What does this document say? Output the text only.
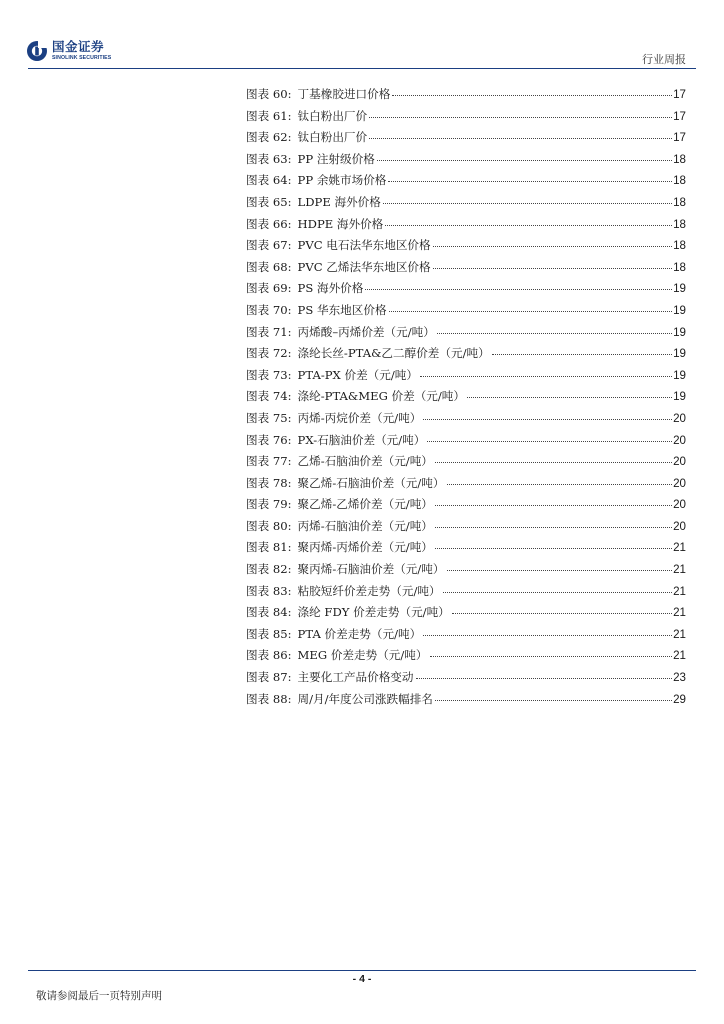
国金证券
SINOLINK SECURITIES	行业周报
图表 60: 丁基橡胶进口价格	17
图表 61: 钛白粉出厂价	17
图表 62: 钛白粉出厂价	17
图表 63: PP 注射级价格	18
图表 64: PP 余姚市场价格	18
图表 65: LDPE 海外价格	18
图表 66: HDPE 海外价格	18
图表 67: PVC 电石法华东地区价格	18
图表 68: PVC 乙烯法华东地区价格	18
图表 69: PS 海外价格	19
图表 70: PS 华东地区价格	19
图表 71: 丙烯酸–丙烯价差（元/吨）	19
图表 72: 涤纶长丝-PTA&乙二醇价差（元/吨）	19
图表 73: PTA-PX 价差（元/吨）	19
图表 74: 涤纶-PTA&MEG 价差（元/吨）	19
图表 75: 丙烯-丙烷价差（元/吨）	20
图表 76: PX-石脑油价差（元/吨）	20
图表 77: 乙烯-石脑油价差（元/吨）	20
图表 78: 聚乙烯-石脑油价差（元/吨）	20
图表 79: 聚乙烯-乙烯价差（元/吨）	20
图表 80: 丙烯-石脑油价差（元/吨）	20
图表 81: 聚丙烯-丙烯价差（元/吨）	21
图表 82: 聚丙烯-石脑油价差（元/吨）	21
图表 83: 粘胶短纤价差走势（元/吨）	21
图表 84: 涤纶 FDY 价差走势（元/吨）	21
图表 85: PTA 价差走势（元/吨）	21
图表 86: MEG 价差走势（元/吨）	21
图表 87: 主要化工产品价格变动	23
图表 88: 周/月/年度公司涨跌幅排名	29
- 4 -
敬请参阅最后一页特别声明
